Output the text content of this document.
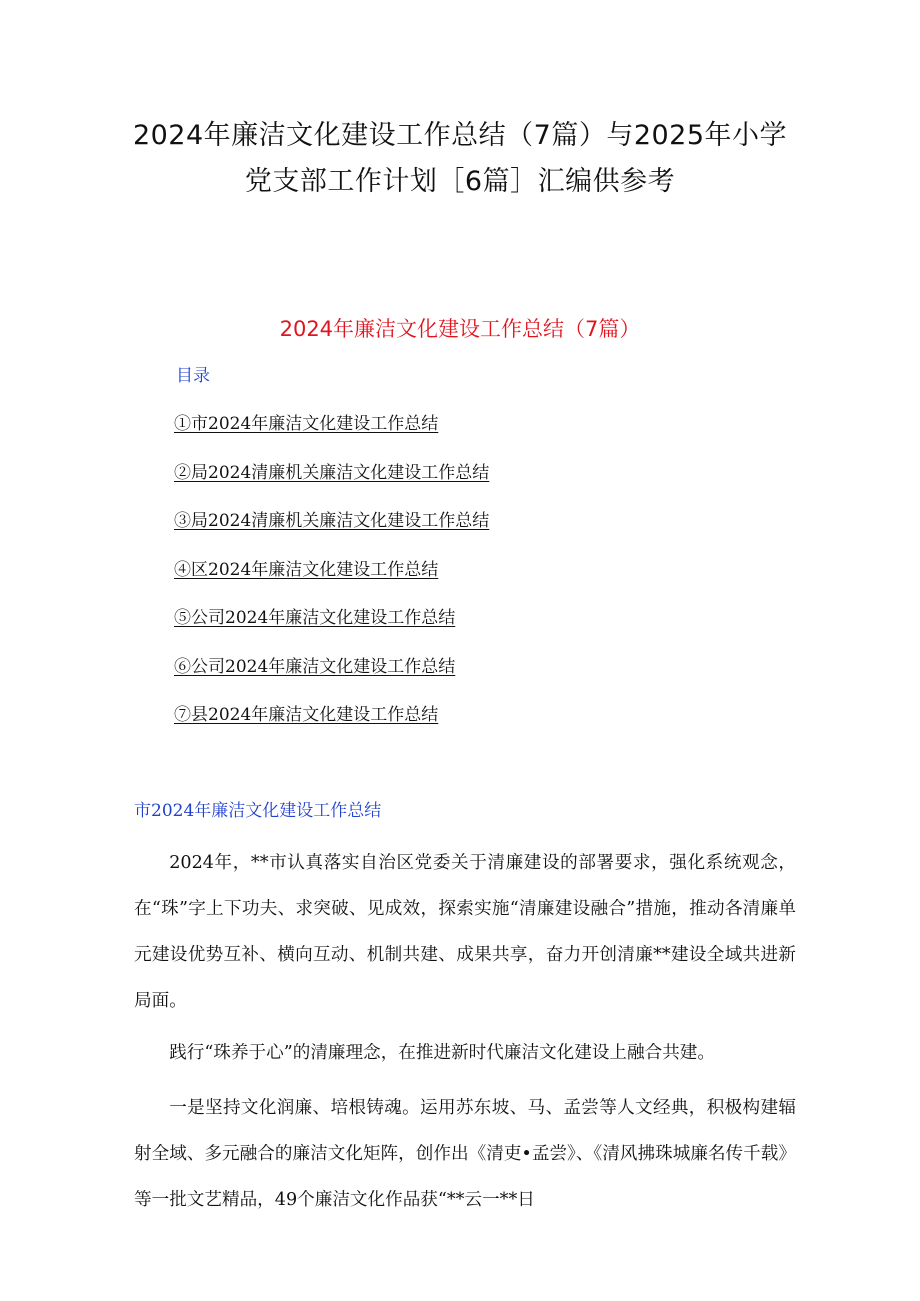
2024年廉洁文化建设工作总结（7篇）与2025年小学
党支部工作计划［6篇］汇编供参考
2024年廉洁文化建设工作总结（7篇）
目录
①市2024年廉洁文化建设工作总结
②局2024清廉机关廉洁文化建设工作总结
③局2024清廉机关廉洁文化建设工作总结
④区2024年廉洁文化建设工作总结
⑤公司2024年廉洁文化建设工作总结
⑥公司2024年廉洁文化建设工作总结
⑦县2024年廉洁文化建设工作总结
市2024年廉洁文化建设工作总结

2024年，**市认真落实自治区党委关于清廉建设的部署要求，强化系统观念，在“珠”字上下功夫、求突破、见成效，探索实施“清廉建设融合”措施，推动各清廉单元建设优势互补、横向互动、机制共建、成果共享，奋力开创清廉**建设全域共进新局面。

践行“珠养于心”的清廉理念，在推进新时代廉洁文化建设上融合共建。

一是坚持文化润廉、培根铸魂。运用苏东坡、马、孟尝等人文经典，积极构建辐射全域、多元融合的廉洁文化矩阵，创作出《清吏•孟尝》、《清风拂珠城廉名传千载》等一批文艺精品，49个廉洁文化作品获“**云一**日
